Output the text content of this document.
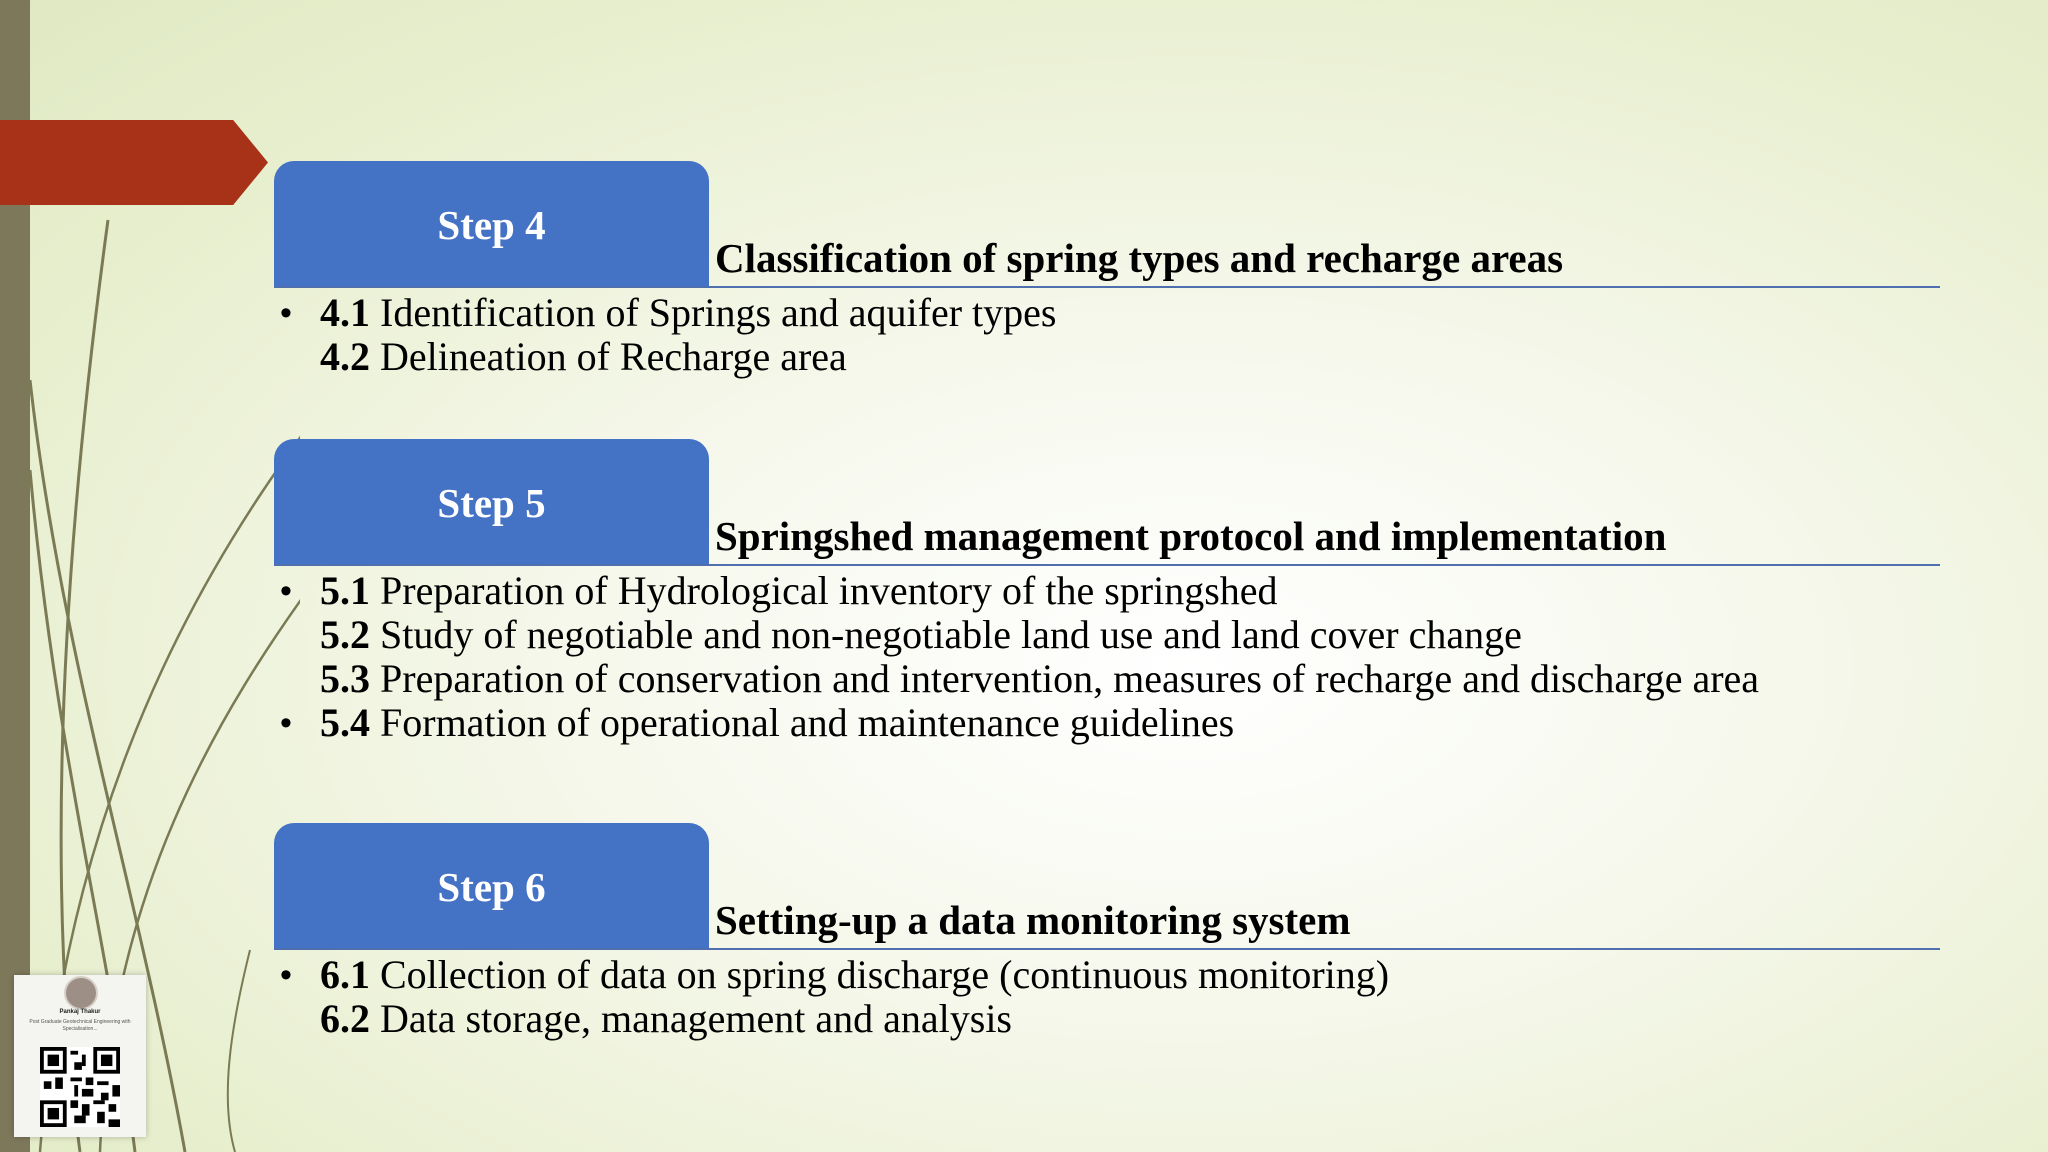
Pankaj Thakur
Post Graduate Geotechnical Engineering with Specialisation...
Step 4
Classification of spring types and recharge areas
• 4.1 Identification of Springs and aquifer types
4.2 Delineation of Recharge area
Step 5
Springshed management protocol and implementation
• 5.1 Preparation of Hydrological inventory of the springshed
5.2 Study of negotiable and non-negotiable land use and land cover change
5.3 Preparation of conservation and intervention, measures of recharge and discharge area
• 5.4 Formation of operational and maintenance guidelines
Step 6
Setting-up a data monitoring system
• 6.1 Collection of data on spring discharge (continuous monitoring)
6.2 Data storage, management and analysis
